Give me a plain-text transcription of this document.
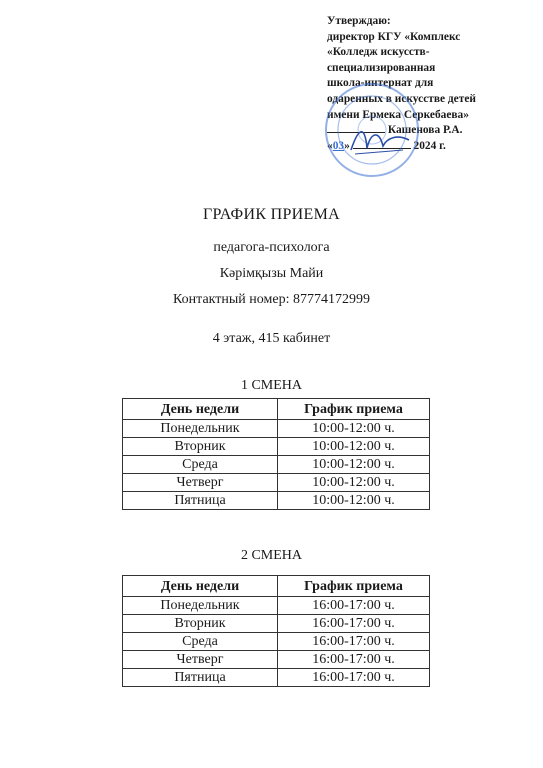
Утверждаю:
директор КГУ «Комплекс
«Колледж искусств-
специализированная
школа-интернат для
одаренных в искусстве детей
имени Ермека Серкебаева»
Кашенова Р.А.
«03»	2024 г.
ГРАФИК ПРИЕМА
педагога-психолога
Кәрімқызы Майи
Контактный номер: 87774172999
4 этаж, 415 кабинет
1 СМЕНА
День недели	График приема
Понедельник	10:00-12:00 ч.
Вторник	10:00-12:00 ч.
Среда	10:00-12:00 ч.
Четверг	10:00-12:00 ч.
Пятница	10:00-12:00 ч.
2 СМЕНА
День недели	График приема
Понедельник	16:00-17:00 ч.
Вторник	16:00-17:00 ч.
Среда	16:00-17:00 ч.
Четверг	16:00-17:00 ч.
Пятница	16:00-17:00 ч.
